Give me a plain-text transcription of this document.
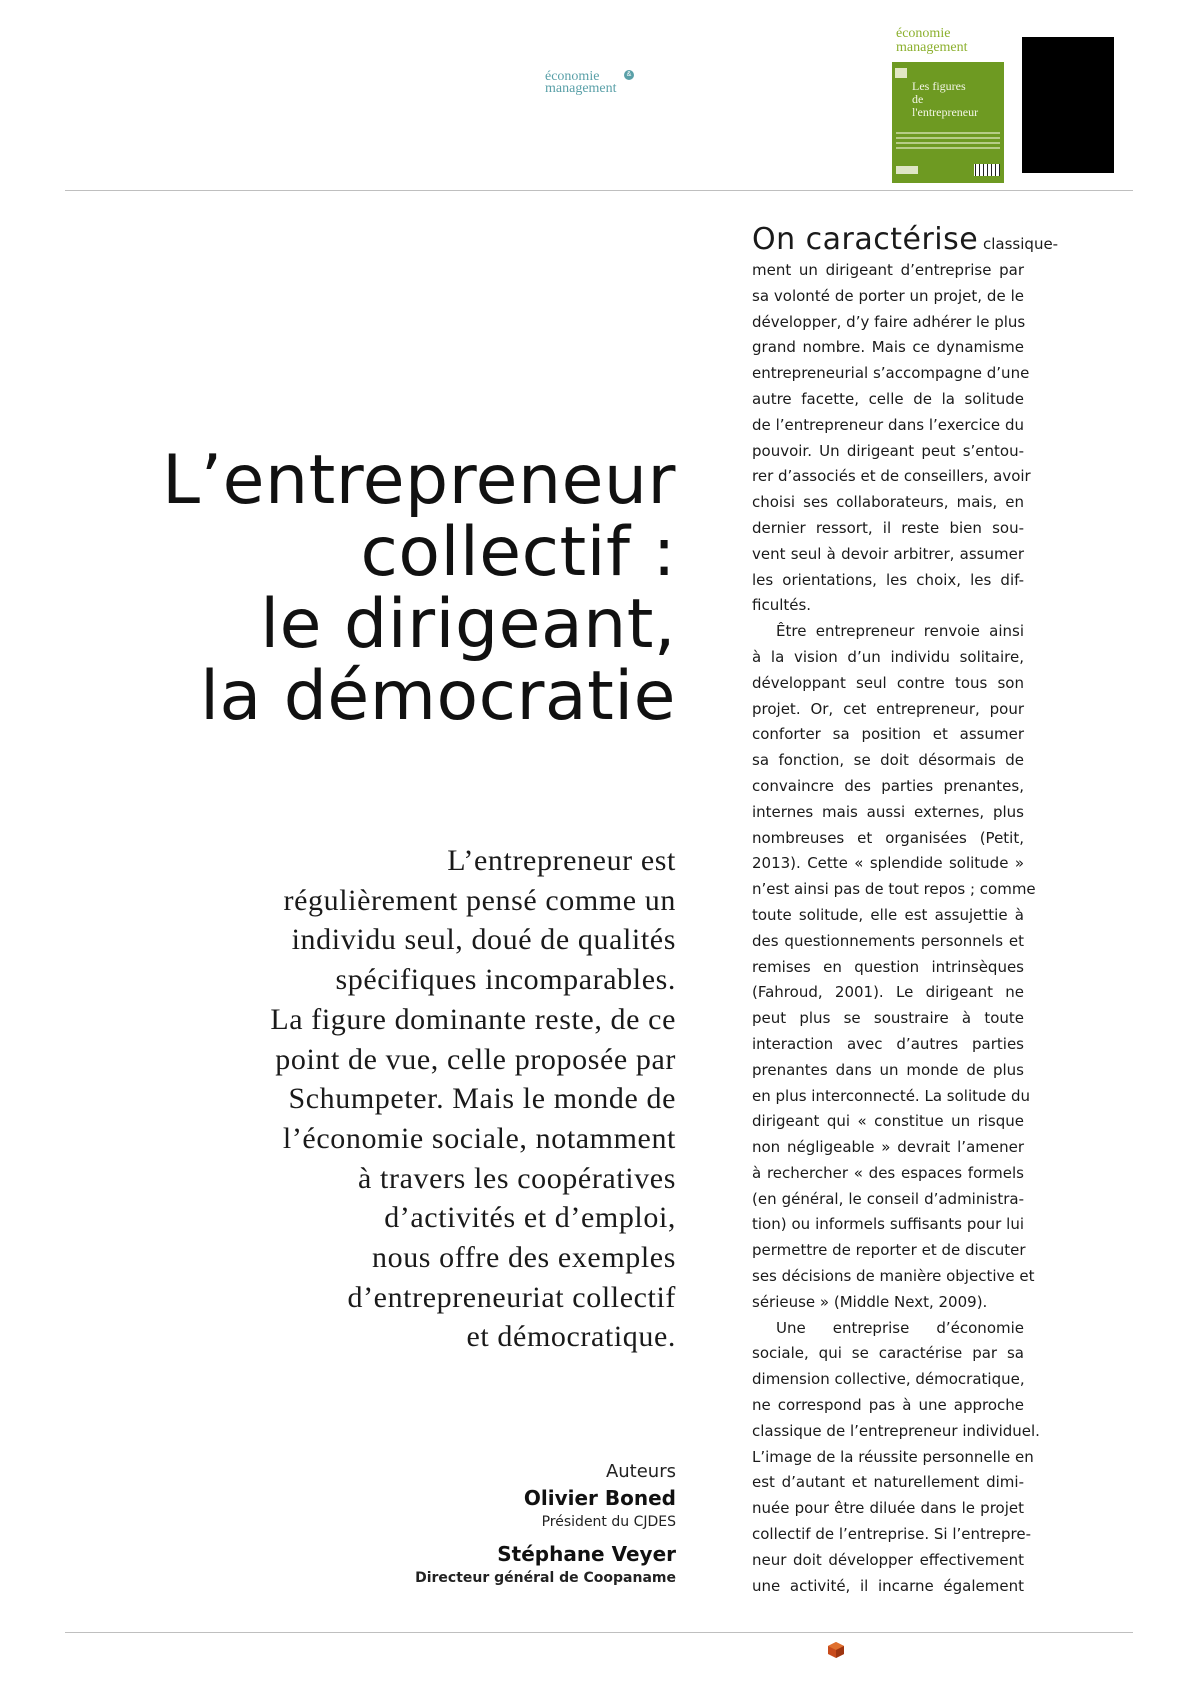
économie	&
management
économie
management
Les figures
de
l'entrepreneur
L’entrepreneur
collectif :
le dirigeant,
la démocratie
L’entrepreneur est
régulièrement pensé comme un
individu seul, doué de qualités
spécifiques incomparables.
La figure dominante reste, de ce
point de vue, celle proposée par
Schumpeter. Mais le monde de
l’économie sociale, notamment
à travers les coopératives
d’activités et d’emploi,
nous offre des exemples
d’entrepreneuriat collectif
et démocratique.
Auteurs
Olivier Boned
Président du CJDES
Stéphane Veyer
Directeur général de Coopaname

On caractérise classique-
ment un dirigeant d’entreprise par
sa volonté de porter un projet, de le
développer, d’y faire adhérer le plus
grand nombre. Mais ce dynamisme
entrepreneurial s’accompagne d’une
autre facette, celle de la solitude
de l’entrepreneur dans l’exercice du
pouvoir. Un dirigeant peut s’entou-
rer d’associés et de conseillers, avoir
choisi ses collaborateurs, mais, en
dernier ressort, il reste bien sou-
vent seul à devoir arbitrer, assumer
les orientations, les choix, les dif-
ficultés.

Être entrepreneur renvoie ainsi
à la vision d’un individu solitaire,
développant seul contre tous son
projet. Or, cet entrepreneur, pour
conforter sa position et assumer
sa fonction, se doit désormais de
convaincre des parties prenantes,
internes mais aussi externes, plus
nombreuses et organisées (Petit,
2013). Cette « splendide solitude »
n’est ainsi pas de tout repos ; comme
toute solitude, elle est assujettie à
des questionnements personnels et
remises en question intrinsèques
(Fahroud, 2001). Le dirigeant ne
peut plus se soustraire à toute
interaction avec d’autres parties
prenantes dans un monde de plus
en plus interconnecté. La solitude du
dirigeant qui « constitue un risque
non négligeable » devrait l’amener
à rechercher « des espaces formels
(en général, le conseil d’administra-
tion) ou informels suffisants pour lui
permettre de reporter et de discuter
ses décisions de manière objective et
sérieuse » (Middle Next, 2009).

Une entreprise d’économie
sociale, qui se caractérise par sa
dimension collective, démocratique,
ne correspond pas à une approche
classique de l’entrepreneur individuel.
L’image de la réussite personnelle en
est d’autant et naturellement dimi-
nuée pour être diluée dans le projet
collectif de l’entreprise. Si l’entrepre-
neur doit développer effectivement
une activité, il incarne également
